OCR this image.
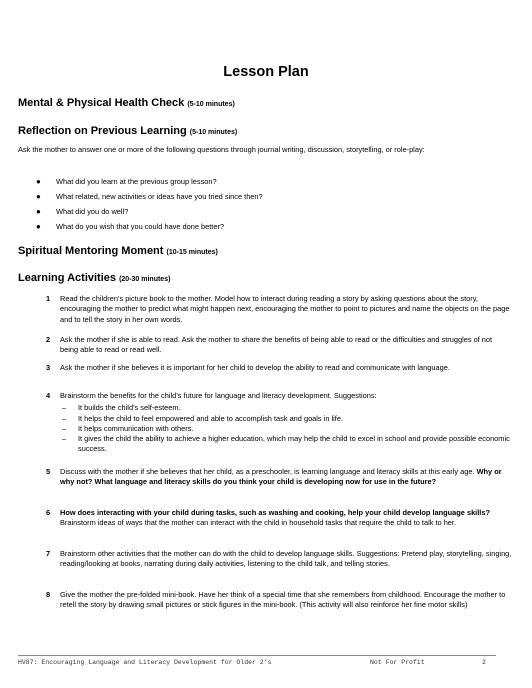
Lesson Plan
Mental & Physical Health Check (5-10 minutes)
Reflection on Previous Learning (5-10 minutes)
Ask the mother to answer one or more of the following questions through journal writing, discussion, storytelling, or role-play:
● What did you learn at the previous group lesson?
● What related, new activities or ideas have you tried since then?
● What did you do well?
● What do you wish that you could have done better?
Spiritual Mentoring Moment (10-15 minutes)
Learning Activities (20-30 minutes)
1 Read the children’s picture book to the mother. Model how to interact during reading a story by asking questions about the story, encouraging the mother to predict what might happen next, encouraging the mother to point to pictures and name the objects on the page and to tell the story in her own words.
2 Ask the mother if she is able to read. Ask the mother to share the benefits of being able to read or the difficulties and struggles of not being able to read or read well.
3 Ask the mother if she believes it is important for her child to develop the ability to read and communicate with language.
4 Brainstorm the benefits for the child’s future for language and literacy development. Suggestions:
– It builds the child’s self-esteem.
– It helps the child to feel empowered and able to accomplish task and goals in life.
– It helps communication with others.
– It gives the child the ability to achieve a higher education, which may help the child to excel in school and provide possible economic success.
5 Discuss with the mother if she believes that her child, as a preschooler, is learning language and literacy skills at this early age. Why or why not? What language and literacy skills do you think your child is developing now for use in the future?
6 How does interacting with your child during tasks, such as washing and cooking, help your child develop language skills? Brainstorm ideas of ways that the mother can interact with the child in household tasks that require the child to talk to her.
7 Brainstorm other activities that the mother can do with the child to develop language skills. Suggestions: Pretend play, storytelling, singing, reading/looking at books, narrating during daily activities, listening to the child talk, and telling stories.
8 Give the mother the pre-folded mini-book. Have her think of a special time that she remembers from childhood. Encourage the mother to retell the story by drawing small pictures or stick figures in the mini-book. (This activity will also reinforce her fine motor skills)
HV87: Encouraging Language and Literacy Development for Older 2’s	Not For Profit	2
